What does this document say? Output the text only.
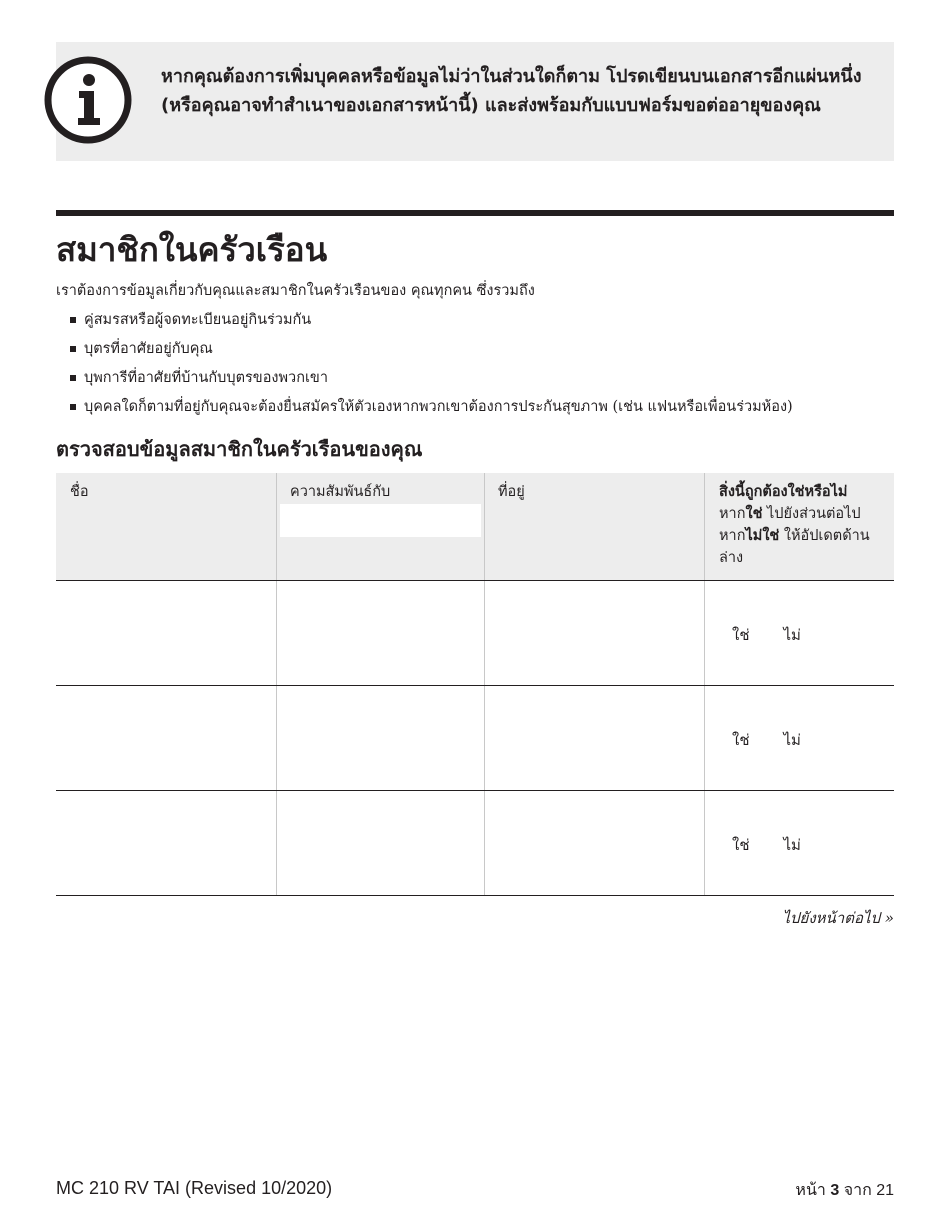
หากคุณต้องการเพิ่มบุคคลหรือข้อมูลไม่ว่าในส่วนใดก็ตาม โปรดเขียนบนเอกสารอีกแผ่นหนึ่ง (หรือคุณอาจทำสำเนาของเอกสารหน้านี้) และส่งพร้อมกับแบบฟอร์มขอต่ออายุของคุณ
สมาชิกในครัวเรือน

เราต้องการข้อมูลเกี่ยวกับคุณและสมาชิกในครัวเรือนของ คุณทุกคน ซึ่งรวมถึง

คู่สมรสหรือผู้จดทะเบียนอยู่กินร่วมกัน
บุตรที่อาศัยอยู่กับคุณ
บุพการีที่อาศัยที่บ้านกับบุตรของพวกเขา
บุคคลใดก็ตามที่อยู่กับคุณจะต้องยื่นสมัครให้ตัวเองหากพวกเขาต้องการประกันสุขภาพ (เช่น แฟนหรือเพื่อนร่วมห้อง)
ตรวจสอบข้อมูลสมาชิกในครัวเรือนของคุณ
ชื่อ	ความสัมพันธ์กับ	ที่อยู่	สิ่งนี้ถูกต้องใช่หรือไม่
หากใช่ ไปยังส่วนต่อไป
หากไม่ใช่ ให้อัปเดตด้านล่าง
ใช่ ไม่
ใช่ ไม่
ใช่ ไม่
ไปยังหน้าต่อไป »
MC 210 RV TAI (Revised 10/2020)	หน้า 3 จาก 21
